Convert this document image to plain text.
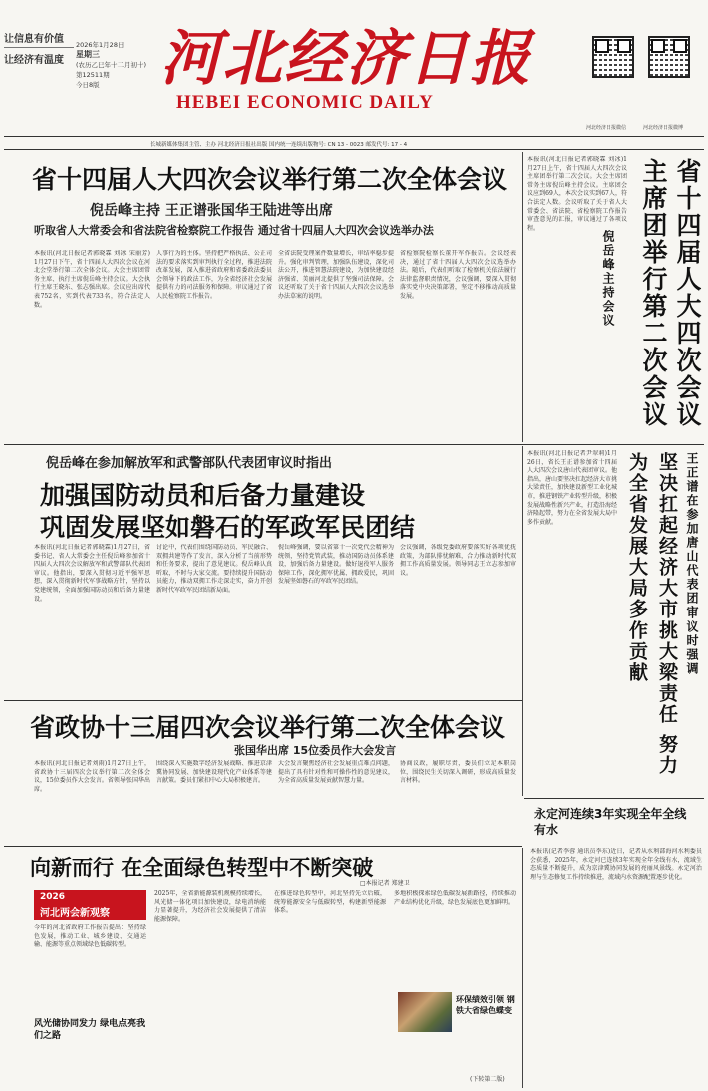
让信息有价值
让经济有温度
2026年1月28日
星期三
(农历乙巳年十二月初十)
第12511期
今日8版	河北经济日报
HEBEI ECONOMIC DAILY
河北经济日报微信	河北经济日报微博
长城新媒体集团主管、主办 河北经济日报社出版 国内统一连续出版物号: CN 13 - 0023 邮发代号: 17 - 4
省十四届人大四次会议举行第二次全体会议
倪岳峰主持 王正谱张国华王陆进等出席
听取省人大常委会和省法院省检察院工作报告 通过省十四届人大四次会议选举办法
本报讯(河北日报记者郭晓霖 刘冰 宋丽芳) 1月27日下午，省十四届人大四次会议在河北会堂举行第二次全体会议。大会主席团常务主席、执行主席倪岳峰主持会议。大会执行主席王晓东、张志强出席。会议应出席代表752名，实到代表733名，符合法定人数。
人事行为的主体。坚持把严格执法、公正司法的要求落实到审判执行全过程，推进法院改革发展，深入推进省政府和省委政法委员会领导下的政法工作，为全省经济社会发展提供有力的司法服务和保障。审议通过了省人民检察院工作报告。
全省法院受理案件数量增长，审结率稳步提升。强化审判管理，加强队伍建设，深化司法公开，推进智慧法院建设，为加快建设经济强省、美丽河北提供了坚强司法保障。会议还听取了关于省十四届人大四次会议选举办法草案的说明。
省检察院检察长董开军作报告。会议经表决，通过了省十四届人大四次会议选举办法。随后，代表们听取了检察机关依法履行法律监督职责情况，会议强调，要深入贯彻落实党中央决策部署，坚定不移推动高质量发展。
本报讯(河北日报记者郭晓霖 刘冰)1月27日上午，省十四届人大四次会议主席团举行第二次会议。大会主席团常务主席倪岳峰主持会议。主席团会议应到69人，本次会议实到67人，符合法定人数。会议听取了关于省人大常委会、省法院、省检察院工作报告审查意见的汇报，审议通过了各项议程。	省十四届人大四次会议主席团举行第二次会议
倪岳峰主持会议
倪岳峰在参加解放军和武警部队代表团审议时指出
加强国防动员和后备力量建设
巩固发展坚如磐石的军政军民团结
本报讯(河北日报记者郭晓霖)1月27日，省委书记、省人大常委会主任倪岳峰参加省十四届人大四次会议解放军和武警部队代表团审议。他指出，要深入贯彻习近平强军思想，深入贯彻新时代军事战略方针，坚持以党建统领，全面加强国防动员和后备力量建设。
讨论中，代表们围绕国防动员、军民融合、双拥共建等作了发言，深入分析了当前形势和任务要求，提出了意见建议。倪岳峰认真听取，不时与大家交流。要持续提升国防动员能力，推动双拥工作走深走实，奋力开创新时代军政军民团结新局面。
倪岳峰强调，要以省第十一次党代会精神为统领，坚持党管武装，推动国防动员体系建设，加强后备力量建设。做好退役军人服务保障工作，深化拥军优属、拥政爱民，巩固发展坚如磐石的军政军民团结。
会议强调，各级党委政府要落实好各项优抚政策，为部队排忧解难，合力推动新时代双拥工作高质量发展。领导同志王立志参加审议。
本报讯(河北日报记者尹翠莉)1月26日，省长王正谱参加省十四届人大四次会议唐山代表团审议。他指出，唐山要坚决扛起经济大市挑大梁责任，加快建设新型工业化城市，推进钢铁产业转型升级，积极发展战略性新兴产业，打造沿海经济隆起带，努力在全省发展大局中多作贡献。	王正谱在参加唐山代表团审议时强调
坚决扛起经济大市挑大梁责任 努力为全省发展大局多作贡献
省政协十三届四次会议举行第二次全体会议
张国华出席 15位委员作大会发言
本报讯(河北日报记者刘雨)1月27日上午，省政协十三届四次会议举行第二次全体会议，15位委员作大会发言。省领导张国华出席。
围绕深入实施数字经济发展战略、推进京津冀协同发展、加快建设现代化产业体系等建言献策。委员们紧扣中心大局积极建言。
大会发言聚焦经济社会发展重点难点问题，提出了具有针对性和可操作性的意见建议，为全省高质量发展贡献智慧力量。
协商议政，履职尽责，委员们立足本职岗位，围绕民生关切深入调研，形成高质量发言材料。
永定河连续3年实现全年全线有水
本报讯(记者李蓉 通讯员李东)近日，记者从水利部海河水利委员会获悉，2025年，永定河已连续3年实现全年全线有水，流域生态质量不断提升，成为京津冀协同发展的亮丽风景线。永定河治理与生态修复工作持续推进，流域内水资源配置逐步优化。
向新而行 在全面绿色转型中不断突破
□本报记者 郑建卫
2026
河北两会新观察
今年的河北省政府工作报告提出：坚持绿色发展，推动工业、城乡建设、交通运输、能源等重点领域绿色低碳转型。
风光储协同发力 绿电点亮我们之路
2025年，全省新能源装机规模持续增长，风光储一体化项目加快建设，绿电消纳能力显著提升，为经济社会发展提供了清洁能源保障。
在推进绿色转型中，河北坚持先立后破，统筹能源安全与低碳转型，构建新型能源体系。
多地积极探索绿色低碳发展新路径，持续推动产业结构优化升级，绿色发展底色更加鲜明。
环保绩效引领 钢铁大省绿色蝶变
(下转第二版)
